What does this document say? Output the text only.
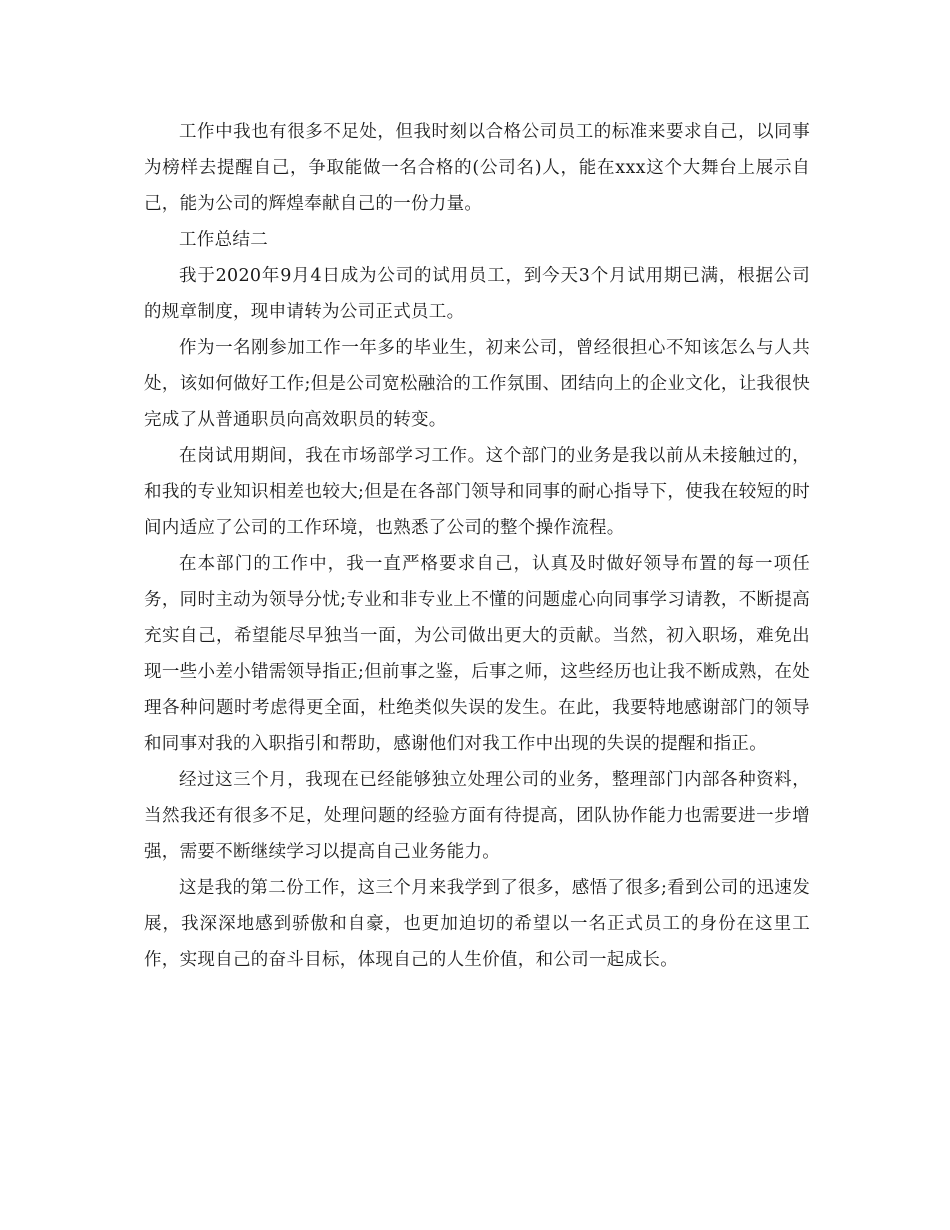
工作中我也有很多不足处，但我时刻以合格公司员工的标准来要求自己，以同事为榜样去提醒自己，争取能做一名合格的(公司名)人，能在xxx这个大舞台上展示自己，能为公司的辉煌奉献自己的一份力量。

工作总结二

我于2020年9月4日成为公司的试用员工，到今天3个月试用期已满，根据公司的规章制度，现申请转为公司正式员工。

作为一名刚参加工作一年多的毕业生，初来公司，曾经很担心不知该怎么与人共处，该如何做好工作;但是公司宽松融洽的工作氛围、团结向上的企业文化，让我很快完成了从普通职员向高效职员的转变。

在岗试用期间，我在市场部学习工作。这个部门的业务是我以前从未接触过的，和我的专业知识相差也较大;但是在各部门领导和同事的耐心指导下，使我在较短的时间内适应了公司的工作环境，也熟悉了公司的整个操作流程。

在本部门的工作中，我一直严格要求自己，认真及时做好领导布置的每一项任务，同时主动为领导分忧;专业和非专业上不懂的问题虚心向同事学习请教，不断提高充实自己，希望能尽早独当一面，为公司做出更大的贡献。当然，初入职场，难免出现一些小差小错需领导指正;但前事之鉴，后事之师，这些经历也让我不断成熟，在处理各种问题时考虑得更全面，杜绝类似失误的发生。在此，我要特地感谢部门的领导和同事对我的入职指引和帮助，感谢他们对我工作中出现的失误的提醒和指正。

经过这三个月，我现在已经能够独立处理公司的业务，整理部门内部各种资料，当然我还有很多不足，处理问题的经验方面有待提高，团队协作能力也需要进一步增强，需要不断继续学习以提高自己业务能力。

这是我的第二份工作，这三个月来我学到了很多，感悟了很多;看到公司的迅速发展，我深深地感到骄傲和自豪，也更加迫切的希望以一名正式员工的身份在这里工作，实现自己的奋斗目标，体现自己的人生价值，和公司一起成长。
